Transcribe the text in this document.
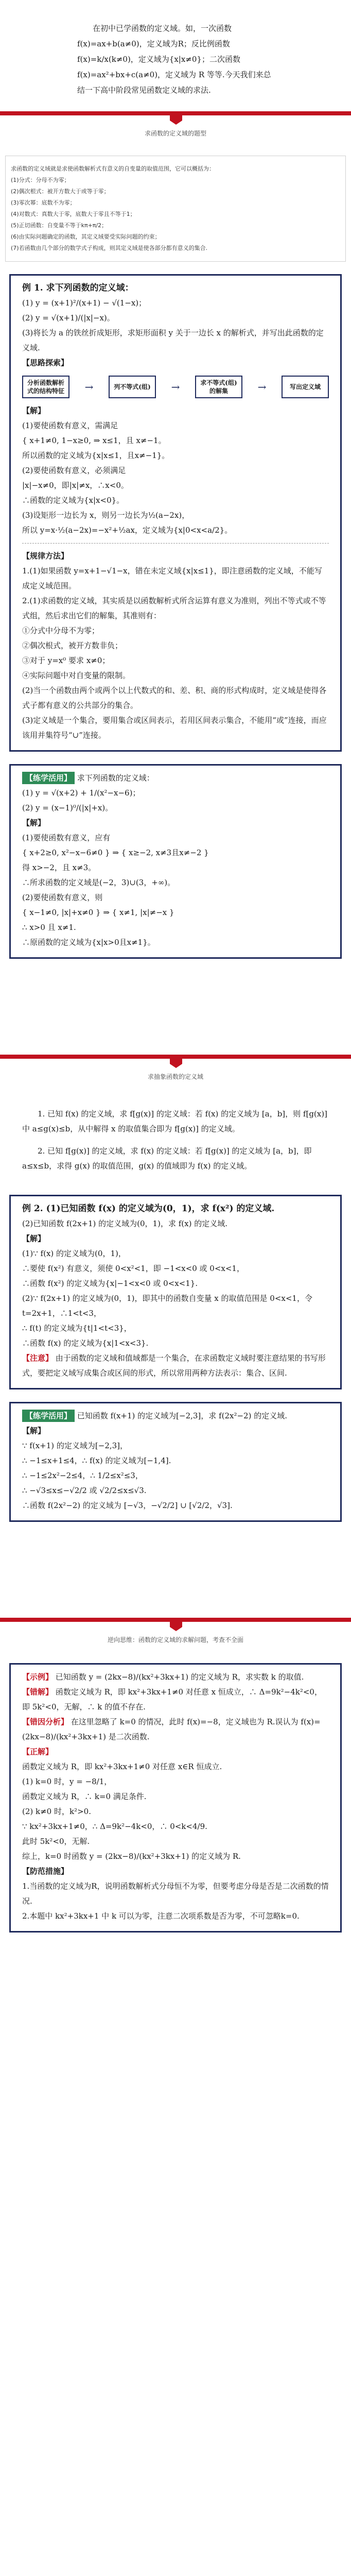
在初中已学函数的定义域。如，一次函数f(x)=ax+b(a≠0)，定义域为R；反比例函数f(x)=k/x(k≠0)，定义域为{x|x≠0}；二次函数 f(x)=ax²+bx+c(a≠0)，定义域为 R 等等.今天我们来总结一下高中阶段常见函数定义域的求法.

求函数的定义域的题型

求函数的定义域就是求使函数解析式有意义的自变量的取值范围，它可以概括为：

(1)分式：分母不为零；

(2)偶次根式：被开方数大于或等于零；

(3)零次幂：底数不为零；

(4)对数式：真数大于零，底数大于零且不等于1；

(5)正切函数：自变量不等于kπ+π/2；

(6)由实际问题确定的函数，其定义域要受实际问题的约束；

(7)若函数由几个部分的数学式子构成，则其定义域是使各部分都有意义的集合.

例 1. 求下列函数的定义域：

(1) y = (x+1)²/(x+1) − √(1−x)；

(2) y = √(x+1)/(|x|−x)。

(3)将长为 a 的铁丝折成矩形，求矩形面积 y 关于一边长 x 的解析式，并写出此函数的定义域.

【思路探索】

分析函数解析式的结构特征	→	列不等式(组)	→	求不等式(组)的解集	→	写出定义域

【解】

(1)要使函数有意义，需满足

{ x+1≠0, 1−x≥0, ⇒ x≤1，且 x≠−1。

所以函数的定义域为{x|x≤1，且x≠−1}。

(2)要使函数有意义，必须满足

|x|−x≠0，即|x|≠x，∴x<0。

∴函数的定义域为{x|x<0}。

(3)设矩形一边长为 x，则另一边长为½(a−2x)，

所以 y=x·½(a−2x)=−x²+½ax，定义域为{x|0<x<a/2}。

【规律方法】

1.(1)如果函数 y=x+1−√1−x，错在未定义域{x|x≤1}，即注意函数的定义域，不能写成定义域范围。

2.(1)求函数的定义域，其实质是以函数解析式所含运算有意义为准则，列出不等式或不等式组，然后求出它们的解集，其准则有：

①分式中分母不为零；

②偶次根式，被开方数非负；

③对于 y=x⁰ 要求 x≠0；

④实际问题中对自变量的限制。

(2)当一个函数由两个或两个以上代数式的和、差、积、商的形式构成时，定义域是使得各式子都有意义的公共部分的集合。

(3)定义域是一个集合，要用集合或区间表示，若用区间表示集合，不能用“或”连接，而应该用并集符号“∪”连接。

【练学活用】 求下列函数的定义域：

(1) y = √(x+2) + 1/(x²−x−6)；

(2) y = (x−1)⁰/(|x|+x)。

【解】

(1)要使函数有意义，应有

{ x+2≥0, x²−x−6≠0 } ⇒ { x≥−2, x≠3且x≠−2 }

得 x>−2，且 x≠3。

∴所求函数的定义域是(−2，3)∪(3，+∞)。

(2)要使函数有意义，则

{ x−1≠0, |x|+x≠0 } ⇒ { x≠1, |x|≠−x }

∴ x>0 且 x≠1.

∴原函数的定义域为{x|x>0且x≠1}。

求抽象函数的定义域

1. 已知 f(x) 的定义域，求 f[g(x)] 的定义域：若 f(x) 的定义域为 [a，b]，则 f[g(x)] 中 a≤g(x)≤b，从中解得 x 的取值集合即为 f[g(x)] 的定义域。

2. 已知 f[g(x)] 的定义域，求 f(x) 的定义域：若 f[g(x)] 的定义域为 [a，b]，即 a≤x≤b，求得 g(x) 的取值范围，g(x) 的值域即为 f(x) 的定义域。

例 2. (1)已知函数 f(x) 的定义域为(0，1)，求 f(x²) 的定义域.

(2)已知函数 f(2x+1) 的定义域为(0，1)，求 f(x) 的定义域.

【解】

(1)∵ f(x) 的定义域为(0，1)，

∴要使 f(x²) 有意义，须使 0<x²<1，即 −1<x<0 或 0<x<1，

∴函数 f(x²) 的定义域为{x|−1<x<0 或 0<x<1}.

(2)∵ f(2x+1) 的定义域为(0，1)，即其中的函数自变量 x 的取值范围是 0<x<1，令 t=2x+1，∴1<t<3，

∴ f(t) 的定义域为{t|1<t<3}，

∴函数 f(x) 的定义域为{x|1<x<3}.

【注意】 由于函数的定义域和值域都是一个集合，在求函数定义域时要注意结果的书写形式，要把定义域写成集合或区间的形式，所以常用两种方法表示：集合、区间.

【练学活用】 已知函数 f(x+1) 的定义域为[−2,3]，求 f(2x²−2) 的定义域.

【解】

∵ f(x+1) 的定义域为[−2,3]，

∴ −1≤x+1≤4，∴ f(x) 的定义域为[−1,4].

∴ −1≤2x²−2≤4，∴ 1/2≤x²≤3，

∴ −√3≤x≤−√2/2 或 √2/2≤x≤√3.

∴函数 f(2x²−2) 的定义域为 [−√3，−√2/2] ∪ [√2/2，√3].

逆向思维：函数的定义域的求解问题，考查不全面

【示例】 已知函数 y = (2kx−8)/(kx²+3kx+1) 的定义域为 R，求实数 k 的取值.

【错解】 函数定义域为 R，即 kx²+3kx+1≠0 对任意 x 恒成立，∴ Δ=9k²−4k²<0，即 5k²<0，无解，∴ k 的值不存在.

【错因分析】 在这里忽略了 k=0 的情况，此时 f(x)=−8，定义域也为 R.误认为 f(x)=(2kx−8)/(kx²+3kx+1) 是二次函数.

【正解】

函数定义域为 R，即 kx²+3kx+1≠0 对任意 x∈R 恒成立.

(1) k=0 时，y = −8/1，

函数定义域为 R，∴ k=0 满足条件.

(2) k≠0 时，k²>0.

∵ kx²+3kx+1≠0，∴ Δ=9k²−4k<0，∴ 0<k<4/9.

此时 5k²<0，无解.

综上，k=0 时函数 y = (2kx−8)/(kx²+3kx+1) 的定义域为 R.

【防范措施】

1.当函数的定义域为R，说明函数解析式分母恒不为零，但要考虑分母是否是二次函数的情况.

2.本题中 kx²+3kx+1 中 k 可以为零，注意二次项系数是否为零，不可忽略k=0.
